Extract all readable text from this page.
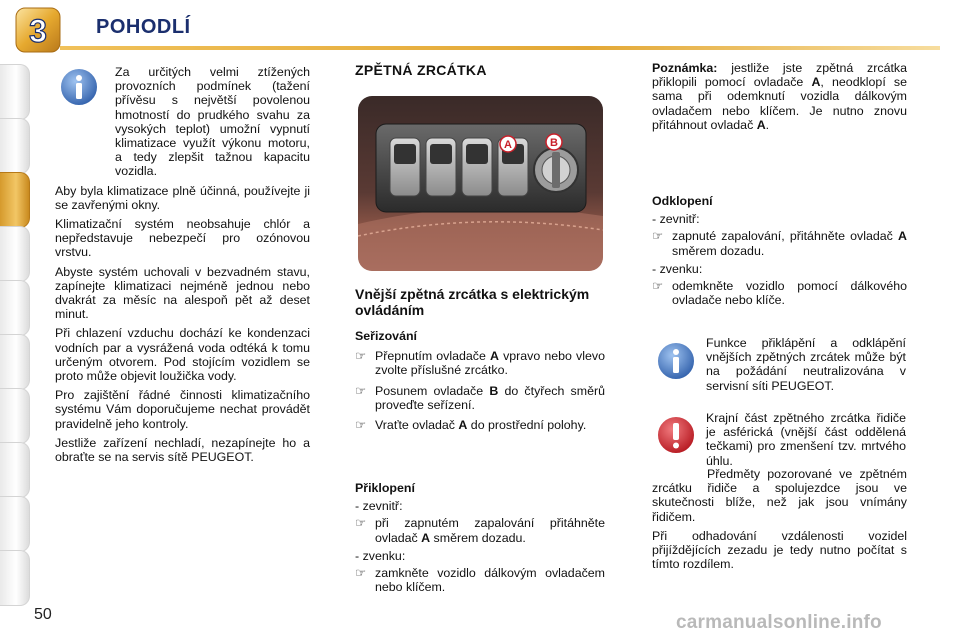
3 POHODLÍ

Za určitých velmi ztížených provozních podmínek (tažení přívěsu s největší povolenou hmotností do prudkého svahu za vysokých teplot) umožní vypnutí klimatizace využít výkonu motoru, a tedy zlepšit tažnou kapacitu vozidla.

Aby byla klimatizace plně účinná, používejte ji se zavřenými okny.

Klimatizační systém neobsahuje chlór a nepředstavuje nebezpečí pro ozónovou vrstvu.

Abyste systém uchovali v bezvadném stavu, zapínejte klimatizaci nejméně jednou nebo dvakrát za měsíc na alespoň pět až deset minut.

Při chlazení vzduchu dochází ke kondenzaci vodních par a vysrážená voda odtéká k tomu určeným otvorem. Pod stojícím vozidlem se proto může objevit loužička vody.

Pro zajištění řádné činnosti klimatizačního systému Vám doporučujeme nechat provádět pravidelně jeho kontroly.

Jestliže zařízení nechladí, nezapínejte ho a obraťte se na servis sítě PEUGEOT.

ZPĚTNÁ ZRCÁTKA
A	B
Vnější zpětná zrcátka s elektrickým ovládáním
Seřizování
☞ Přepnutím ovladače A vpravo nebo vlevo zvolte příslušné zrcátko.
☞ Posunem ovladače B do čtyřech směrů proveďte seřízení.
☞ Vraťte ovladač A do prostřední polohy.
Přiklopení
- zevnitř:
☞ při zapnutém zapalování přitáhněte ovladač A směrem dozadu.
- zvenku:
☞ zamkněte vozidlo dálkovým ovladačem nebo klíčem.

Poznámka: jestliže jste zpětná zrcátka přiklopili pomocí ovladače A, neodklopí se sama při odemknutí vozidla dálkovým ovladačem nebo klíčem. Je nutno znovu přitáhnout ovladač A.

Odklopení
- zevnitř:
☞ zapnuté zapalování, přitáhněte ovladač A směrem dozadu.
- zvenku:
☞ odemkněte vozidlo pomocí dálkového ovladače nebo klíče.
Funkce přiklápění a odklápění vnějších zpětných zrcátek může být na požádání neutralizována v servisní síti PEUGEOT.
Krajní část zpětného zrcátka řidiče je asférická (vnější část oddělená tečkami) pro zmenšení tzv. mrtvého úhlu.

Předměty pozorované ve zpětném zrcátku řidiče a spolujezdce jsou ve skutečnosti blíže, než jak jsou vnímány řidičem.

Při odhadování vzdálenosti vozidel přijíždějících zezadu je tedy nutno počítat s tímto rozdílem.

50	carmanualsonline.info
